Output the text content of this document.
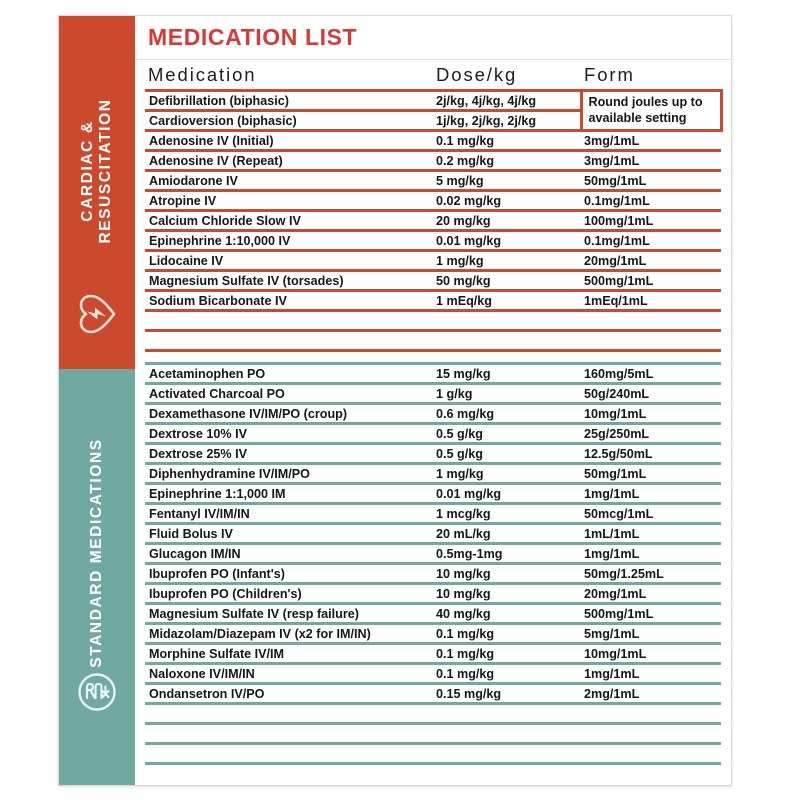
CARDIAC & RESUSCITATION
STANDARD MEDICATIONS
MEDICATION LIST
Medication	Dose/kg	Form
Defibrillation (biphasic)	2j/kg, 4j/kg, 4j/kg	Round joules up to available setting
Cardioversion (biphasic)	1j/kg, 2j/kg, 2j/kg	
Adenosine IV (Initial)	0.1 mg/kg	3mg/1mL
Adenosine IV (Repeat)	0.2 mg/kg	3mg/1mL
Amiodarone IV	5 mg/kg	50mg/1mL
Atropine IV	0.02 mg/kg	0.1mg/1mL
Calcium Chloride Slow IV	20 mg/kg	100mg/1mL
Epinephrine 1:10,000 IV	0.01 mg/kg	0.1mg/1mL
Lidocaine IV	1 mg/kg	20mg/1mL
Magnesium Sulfate IV (torsades)	50 mg/kg	500mg/1mL
Sodium Bicarbonate IV	1 mEq/kg	1mEq/1mL

Acetaminophen PO	15 mg/kg	160mg/5mL
Activated Charcoal PO	1 g/kg	50g/240mL
Dexamethasone IV/IM/PO (croup)	0.6 mg/kg	10mg/1mL
Dextrose 10% IV	0.5 g/kg	25g/250mL
Dextrose 25% IV	0.5 g/kg	12.5g/50mL
Diphenhydramine IV/IM/PO	1 mg/kg	50mg/1mL
Epinephrine 1:1,000 IM	0.01 mg/kg	1mg/1mL
Fentanyl IV/IM/IN	1 mcg/kg	50mcg/1mL
Fluid Bolus IV	20 mL/kg	1mL/1mL
Glucagon IM/IN	0.5mg-1mg	1mg/1mL
Ibuprofen PO (Infant's)	10 mg/kg	50mg/1.25mL
Ibuprofen PO (Children's)	10 mg/kg	20mg/1mL
Magnesium Sulfate IV (resp failure)	40 mg/kg	500mg/1mL
Midazolam/Diazepam IV (x2 for IM/IN)	0.1 mg/kg	5mg/1mL
Morphine Sulfate IV/IM	0.1 mg/kg	10mg/1mL
Naloxone IV/IM/IN	0.1 mg/kg	1mg/1mL
Ondansetron IV/PO	0.15 mg/kg	2mg/1mL
